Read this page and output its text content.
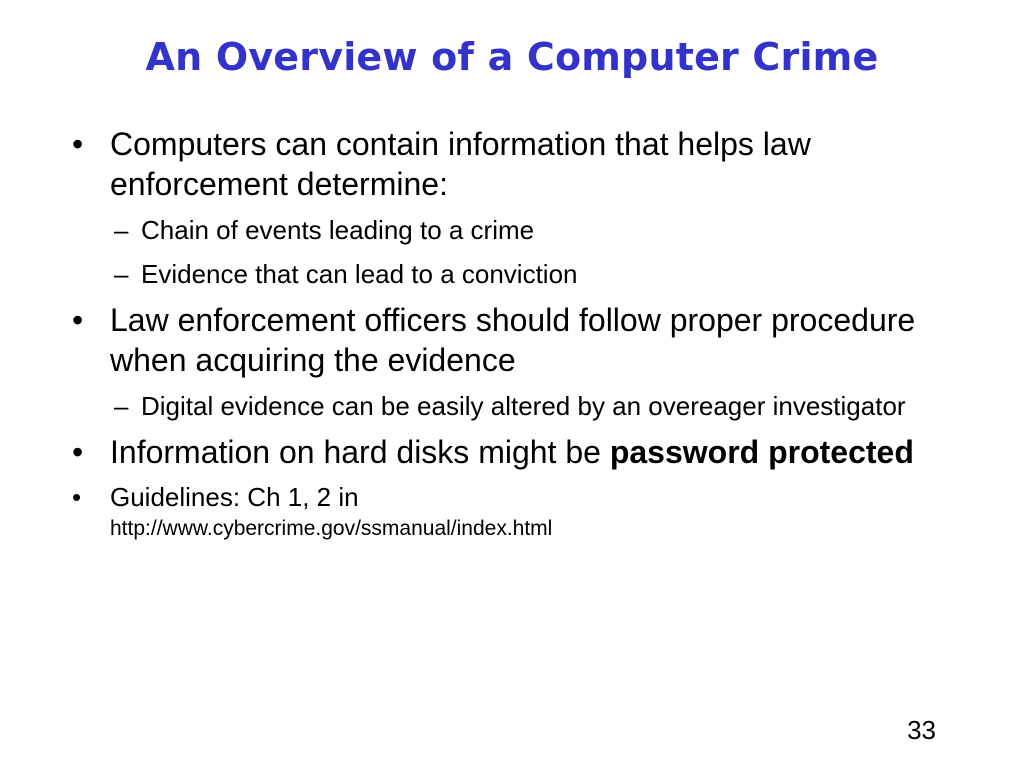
An Overview of a Computer Crime
• Computers can contain information that helps law enforcement determine:
– Chain of events leading to a crime
– Evidence that can lead to a conviction
• Law enforcement officers should follow proper procedure when acquiring the evidence
– Digital evidence can be easily altered by an overeager investigator
• Information on hard disks might be password protected
• Guidelines: Ch 1, 2 in
http://www.cybercrime.gov/ssmanual/index.html
33
